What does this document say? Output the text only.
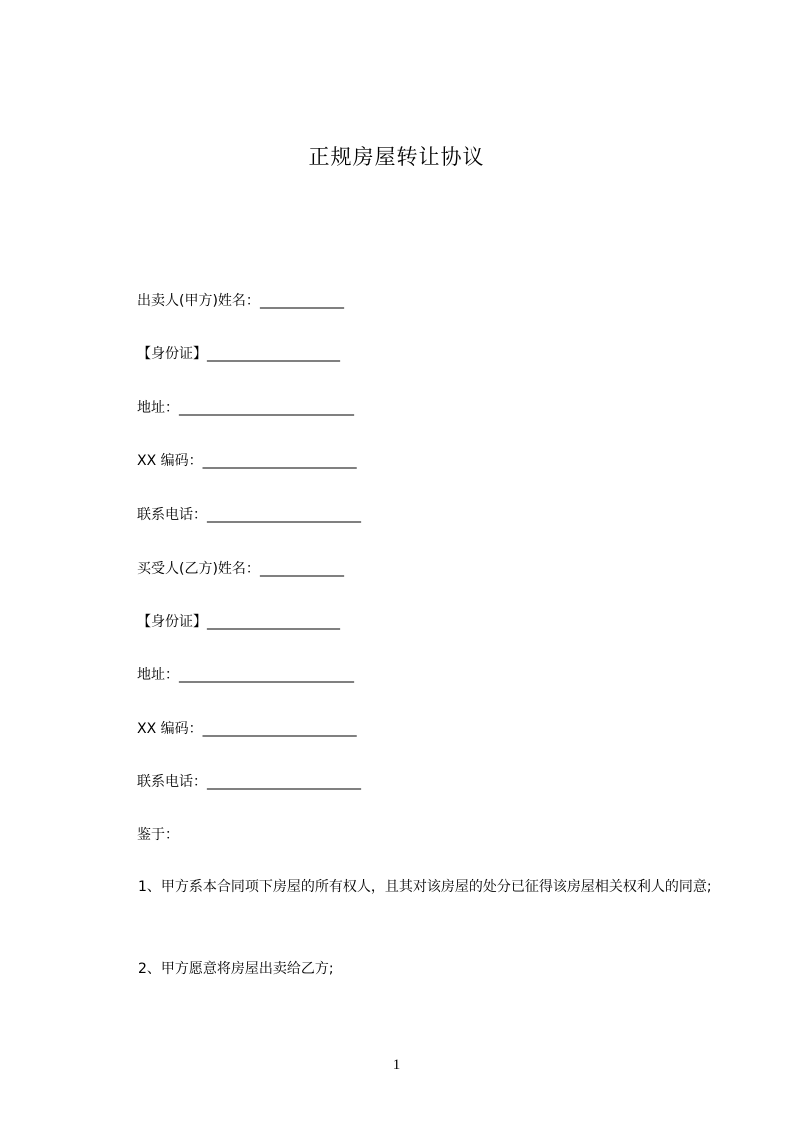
正规房屋转让协议
出卖人(甲方)姓名：____________
【身份证】___________________
地址：_________________________
XX 编码：______________________
联系电话：______________________
买受人(乙方)姓名：____________
【身份证】___________________
地址：_________________________
XX 编码：______________________
联系电话：______________________
鉴于：
1、甲方系本合同项下房屋的所有权人，且其对该房屋的处分已征得该房屋相关权利人的同意;
2、甲方愿意将房屋出卖给乙方;
1
